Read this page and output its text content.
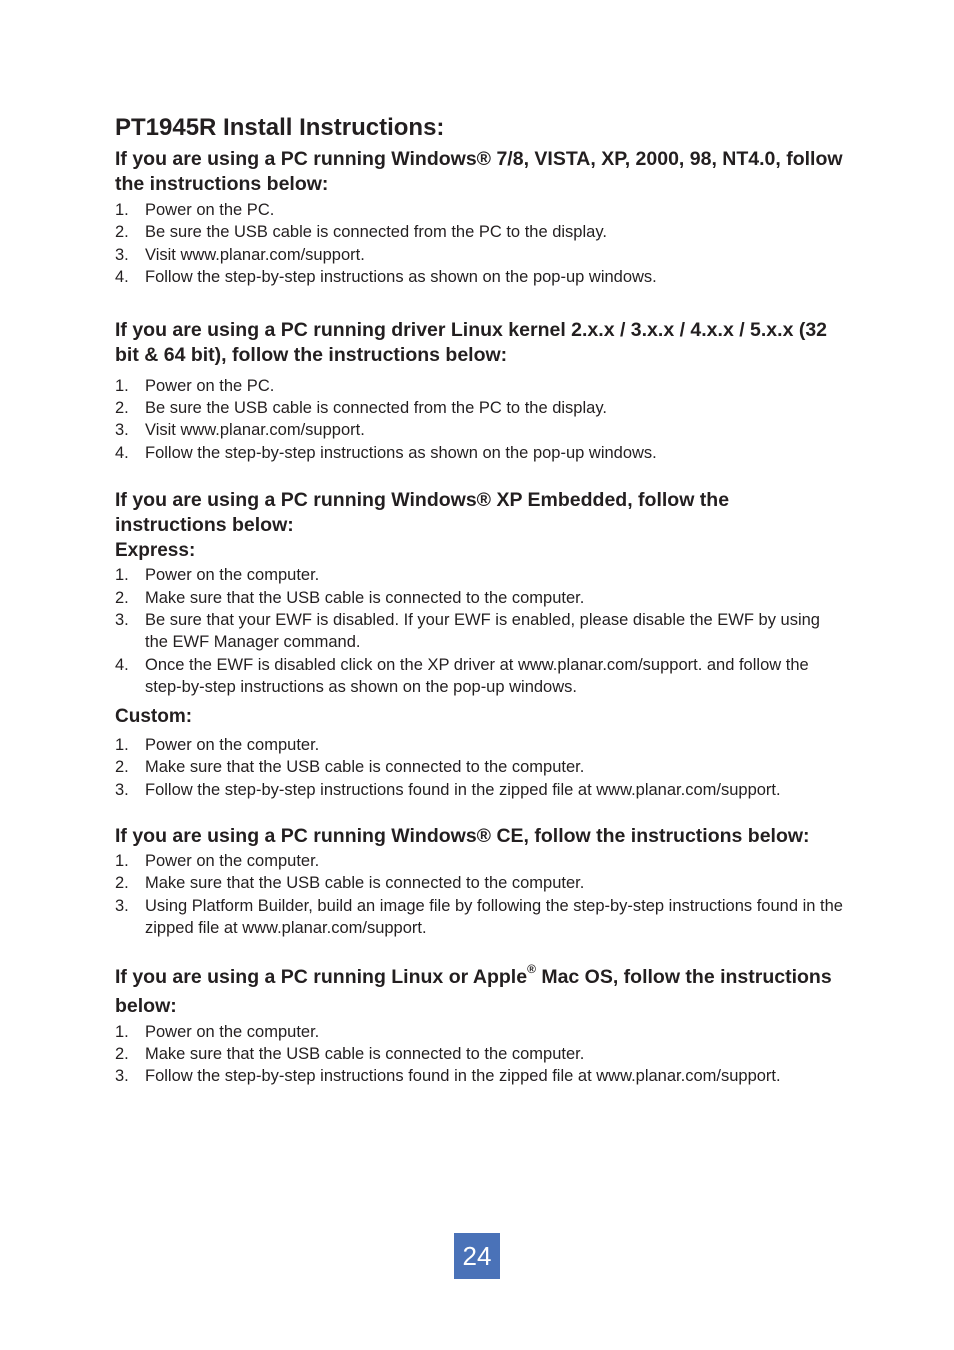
PT1945R Install Instructions:
If you are using a PC running Windows® 7/8, VISTA, XP, 2000, 98, NT4.0, follow the instructions below:
1. Power on the PC.
2. Be sure the USB cable is connected from the PC to the display.
3. Visit www.planar.com/support.
4. Follow the step-by-step instructions as shown on the pop-up windows.
If you are using a PC running driver Linux kernel 2.x.x / 3.x.x / 4.x.x / 5.x.x (32 bit & 64 bit), follow the instructions below:
1. Power on the PC.
2. Be sure the USB cable is connected from the PC to the display.
3. Visit www.planar.com/support.
4. Follow the step-by-step instructions as shown on the pop-up windows.
If you are using a PC running Windows® XP Embedded, follow the instructions below:
Express:
1. Power on the computer.
2. Make sure that the USB cable is connected to the computer.
3. Be sure that your EWF is disabled. If your EWF is enabled, please disable the EWF by using the EWF Manager command.
4. Once the EWF is disabled click on the XP driver at www.planar.com/support. and follow the step-by-step instructions as shown on the pop-up windows.
Custom:
1. Power on the computer.
2. Make sure that the USB cable is connected to the computer.
3. Follow the step-by-step instructions found in the zipped file at www.planar.com/support.
If you are using a PC running Windows® CE, follow the instructions below:
1. Power on the computer.
2. Make sure that the USB cable is connected to the computer.
3. Using Platform Builder, build an image file by following the step-by-step instructions found in the zipped file at www.planar.com/support.
If you are using a PC running Linux or Apple® Mac OS, follow the instructions below:
1. Power on the computer.
2. Make sure that the USB cable is connected to the computer.
3. Follow the step-by-step instructions found in the zipped file at www.planar.com/support.
24
